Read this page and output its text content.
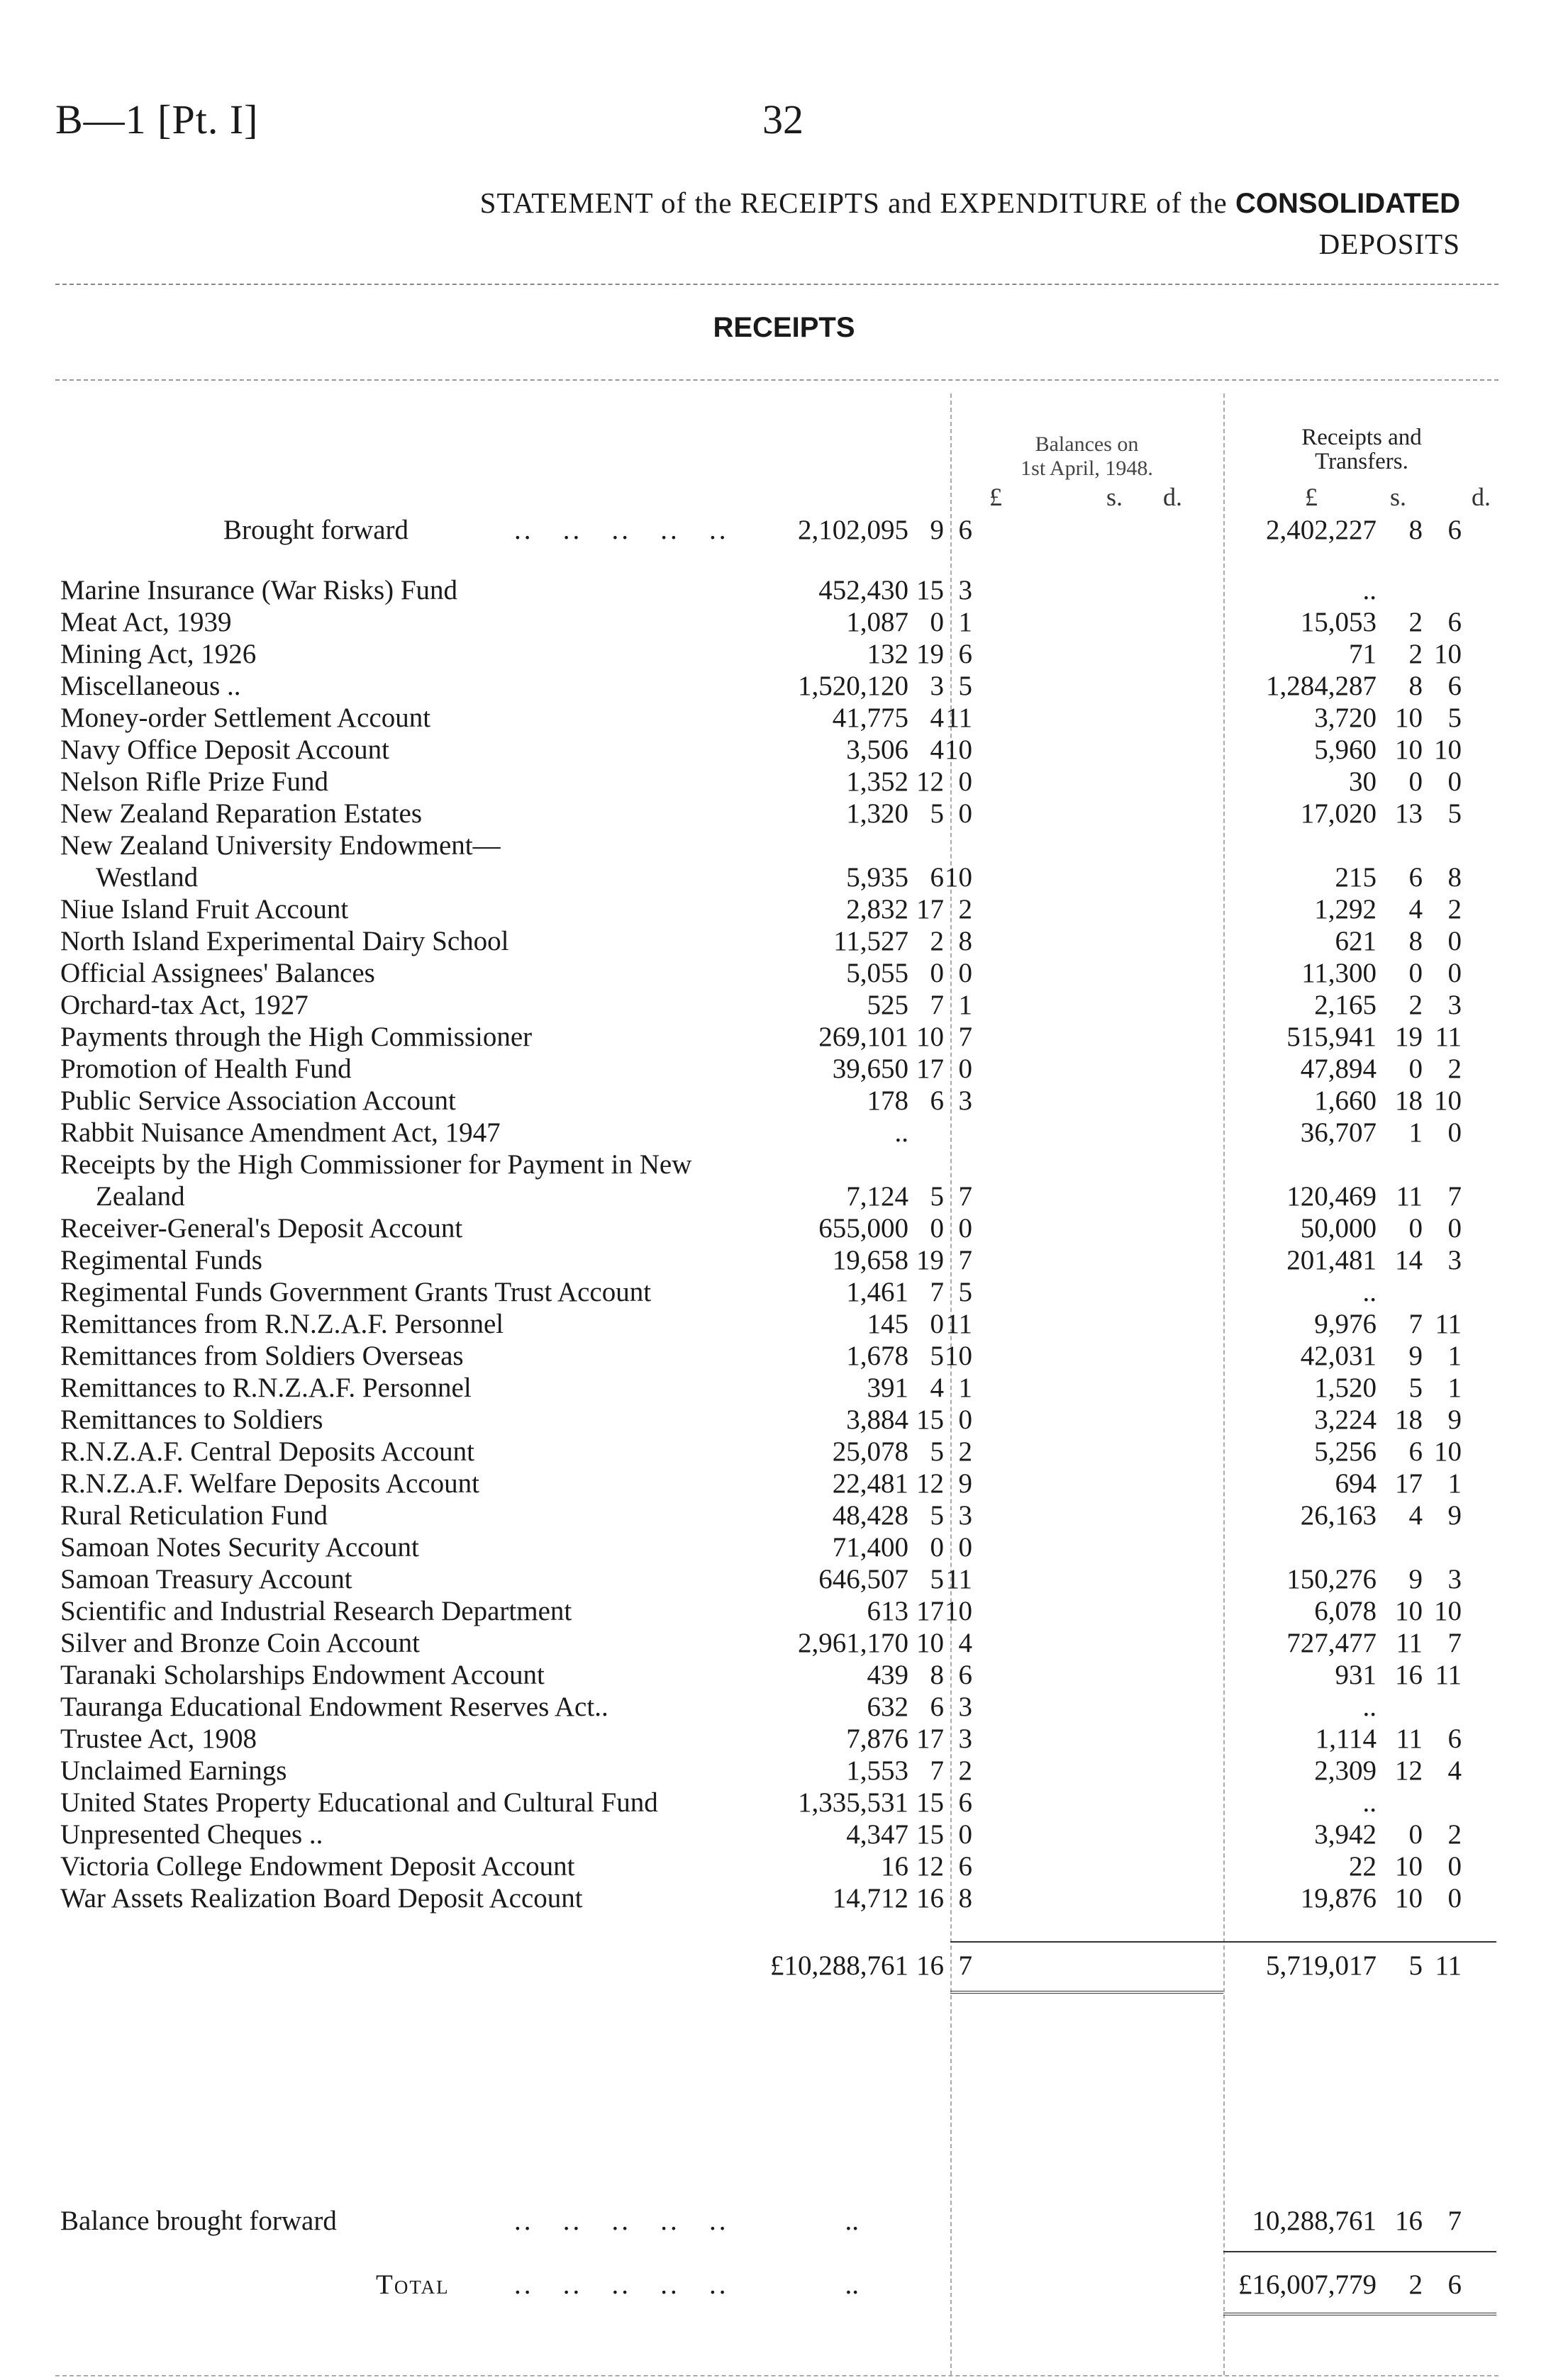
B—1 [Pt. I]	32
STATEMENT of the RECEIPTS and EXPENDITURE of the CONSOLIDATED
DEPOSITS
RECEIPTS
Balances on
1st April, 1948.
Receipts and
Transfers.
£	s. d.	£	s.	d.
Brought forward	..   ..   ..   ..   ..	2,102,095 9 6	2,402,227	8 6
Marine Insurance (War Risks) Fund	452,430 15 3	..
Meat Act, 1939	1,087 0 1	15,053	2 6
Mining Act, 1926	132 19 6	71	2 10
Miscellaneous ..	1,520,120 3 5	1,284,287	8 6
Money-order Settlement Account	41,775 4 11	3,720 10 5
Navy Office Deposit Account	3,506 4 10	5,960 10 10
Nelson Rifle Prize Fund	1,352 12 0	30	0 0
New Zealand Reparation Estates	1,320 5 0	17,020 13 5
New Zealand University Endowment—
Westland	5,935 6 10	215	6 8
Niue Island Fruit Account	2,832 17 2	1,292	4 2
North Island Experimental Dairy School	11,527 2 8	621	8 0
Official Assignees' Balances	5,055 0 0	11,300	0 0
Orchard-tax Act, 1927	525 7 1	2,165	2 3
Payments through the High Commissioner	269,101 10 7	515,941 19 11
Promotion of Health Fund	39,650 17 0	47,894	0 2
Public Service Association Account	178 6 3	1,660 18 10
Rabbit Nuisance Amendment Act, 1947	..	36,707	1 0
Receipts by the High Commissioner for Payment in New
Zealand	7,124 5 7	120,469 11 7
Receiver-General's Deposit Account	655,000 0 0	50,000	0 0
Regimental Funds	19,658 19 7	201,481 14 3
Regimental Funds Government Grants Trust Account	1,461 7 5	..
Remittances from R.N.Z.A.F. Personnel	145 0 11	9,976	7 11
Remittances from Soldiers Overseas	1,678 5 10	42,031	9 1
Remittances to R.N.Z.A.F. Personnel	391 4 1	1,520	5 1
Remittances to Soldiers	3,884 15 0	3,224 18 9
R.N.Z.A.F. Central Deposits Account	25,078 5 2	5,256	6 10
R.N.Z.A.F. Welfare Deposits Account	22,481 12 9	694 17 1
Rural Reticulation Fund	48,428 5 3	26,163	4 9
Samoan Notes Security Account	71,400 0 0
Samoan Treasury Account	646,507 5 11	150,276	9 3
Scientific and Industrial Research Department	613 17 10	6,078 10 10
Silver and Bronze Coin Account	2,961,170 10 4	727,477 11 7
Taranaki Scholarships Endowment Account	439 8 6	931 16 11
Tauranga Educational Endowment Reserves Act..	632 6 3	..
Trustee Act, 1908	7,876 17 3	1,114 11 6
Unclaimed Earnings	1,553 7 2	2,309 12 4
United States Property Educational and Cultural Fund	1,335,531 15 6	..
Unpresented Cheques ..	4,347 15 0	3,942	0 2
Victoria College Endowment Deposit Account	16 12 6	22 10 0
War Assets Realization Board Deposit Account	14,712 16 8	19,876 10 0
£10,288,761 16 7	5,719,017	5 11
Balance brought forward	..   ..   ..   ..   ..	..	10,288,761 16 7
Total ..   ..   ..   ..   ..	..	£16,007,779	2 6
